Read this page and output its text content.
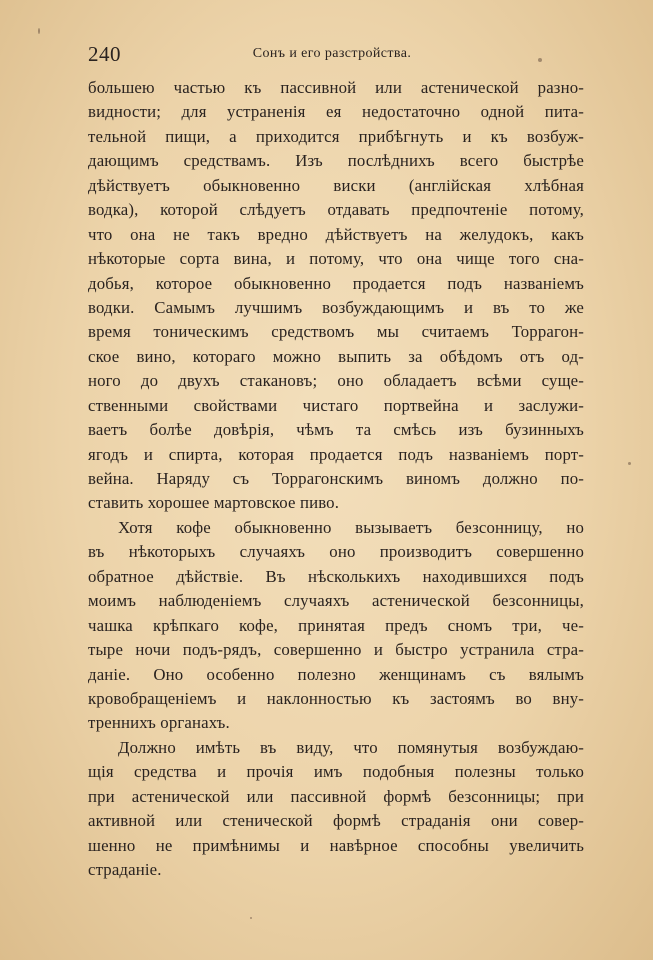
240	Сонъ и его разстройства.
большею частью къ пассивной или астенической разно-
видности; для устраненія ея недостаточно одной пита-
тельной пищи, а приходится прибѣгнуть и къ возбуж-
дающимъ средствамъ. Изъ послѣднихъ всего быстрѣе
дѣйствуетъ обыкновенно виски (англійская хлѣбная
водка), которой слѣдуетъ отдавать предпочтеніе потому,
что она не такъ вредно дѣйствуетъ на желудокъ, какъ
нѣкоторые сорта вина, и потому, что она чище того сна-
добья, которое обыкновенно продается подъ названіемъ
водки. Самымъ лучшимъ возбуждающимъ и въ то же
время тоническимъ средствомъ мы считаемъ Торрагон-
ское вино, котораго можно выпить за обѣдомъ отъ од-
ного до двухъ стакановъ; оно обладаетъ всѣми суще-
ственными свойствами чистаго портвейна и заслужи-
ваетъ болѣе довѣрія, чѣмъ та смѣсь изъ бузинныхъ
ягодъ и спирта, которая продается подъ названіемъ порт-
вейна. Наряду съ Торрагонскимъ виномъ должно по-
ставить хорошее мартовское пиво.
Хотя кофе обыкновенно вызываетъ безсонницу, но
въ нѣкоторыхъ случаяхъ оно производитъ совершенно
обратное дѣйствіе. Въ нѣсколькихъ находившихся подъ
моимъ наблюденіемъ случаяхъ астенической безсонницы,
чашка крѣпкаго кофе, принятая предъ сномъ три, че-
тыре ночи подъ-рядъ, совершенно и быстро устранила стра-
даніе. Оно особенно полезно женщинамъ съ вялымъ
кровобращеніемъ и наклонностью къ застоямъ во вну-
треннихъ органахъ.
Должно имѣть въ виду, что помянутыя возбуждаю-
щія средства и прочія имъ подобныя полезны только
при астенической или пассивной формѣ безсонницы; при
активной или стенической формѣ страданія они совер-
шенно не примѣнимы и навѣрное способны увеличить
страданіе.
